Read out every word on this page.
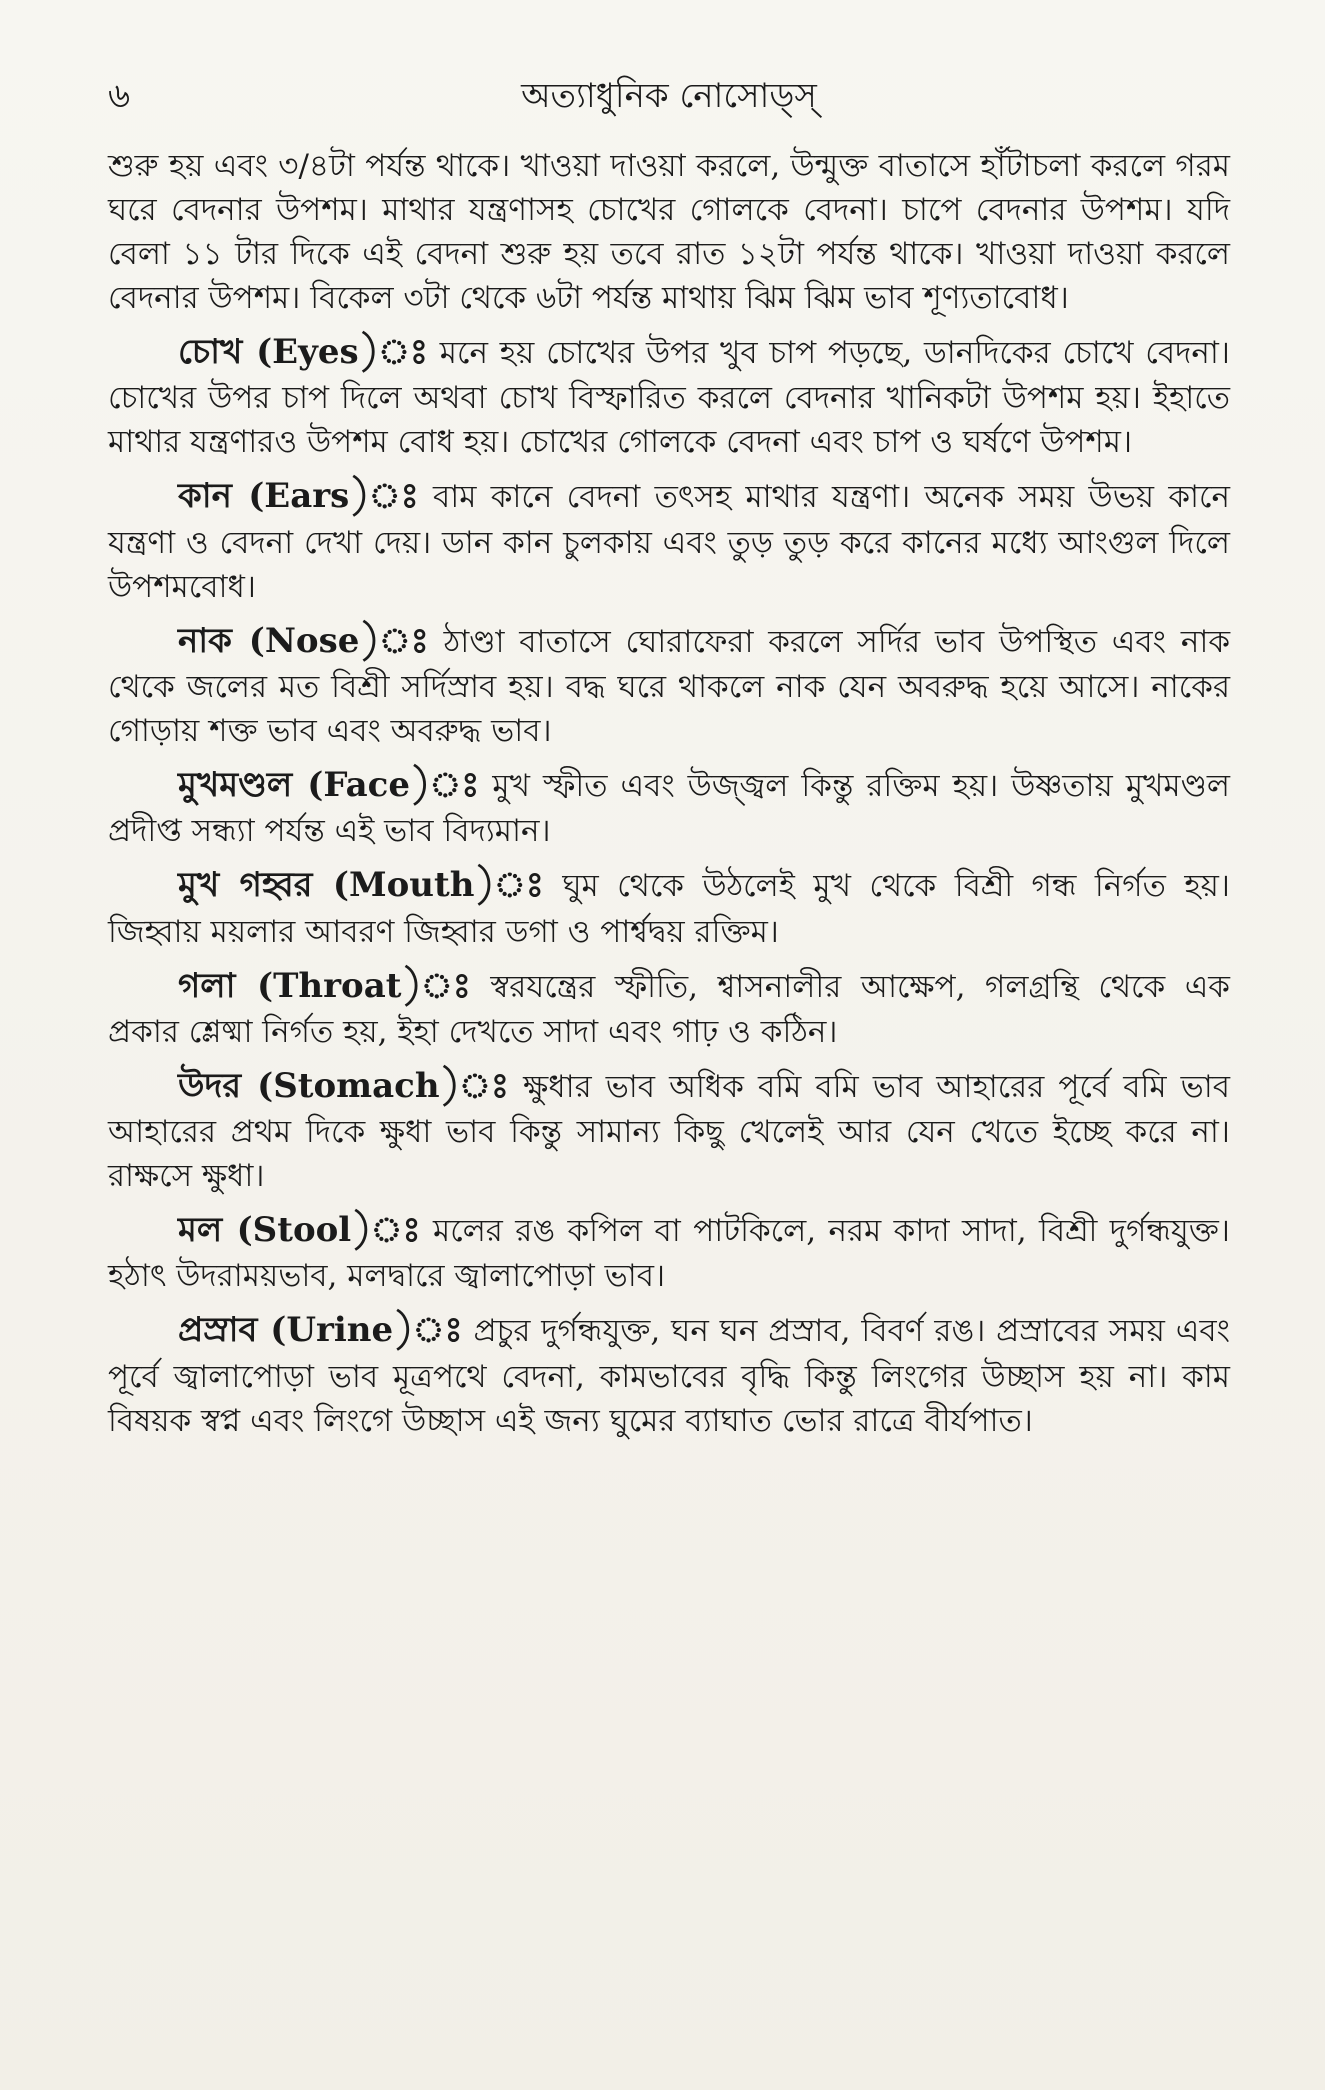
৬	অত্যাধুনিক নোসোড্স্

শুরু হয় এবং ৩/৪টা পর্যন্ত থাকে। খাওয়া দাওয়া করলে, উন্মুক্ত বাতাসে হাঁটাচলা করলে গরম ঘরে বেদনার উপশম। মাথার যন্ত্রণাসহ চোখের গোলকে বেদনা। চাপে বেদনার উপশম। যদি বেলা ১১ টার দিকে এই বেদনা শুরু হয় তবে রাত ১২টা পর্যন্ত থাকে। খাওয়া দাওয়া করলে বেদনার উপশম। বিকেল ৩টা থেকে ৬টা পর্যন্ত মাথায় ঝিম ঝিম ভাব শূণ্যতাবোধ।

চোখ (Eyes)ঃ মনে হয় চোখের উপর খুব চাপ পড়ছে, ডানদিকের চোখে বেদনা। চোখের উপর চাপ দিলে অথবা চোখ বিস্ফারিত করলে বেদনার খানিকটা উপশম হয়। ইহাতে মাথার যন্ত্রণারও উপশম বোধ হয়। চোখের গোলকে বেদনা এবং চাপ ও ঘর্ষণে উপশম।

কান (Ears)ঃ বাম কানে বেদনা তৎসহ মাথার যন্ত্রণা। অনেক সময় উভয় কানে যন্ত্রণা ও বেদনা দেখা দেয়। ডান কান চুলকায় এবং তুড় তুড় করে কানের মধ্যে আংগুল দিলে উপশমবোধ।

নাক (Nose)ঃ ঠাণ্ডা বাতাসে ঘোরাফেরা করলে সর্দির ভাব উপস্থিত এবং নাক থেকে জলের মত বিশ্রী সর্দিস্রাব হয়। বদ্ধ ঘরে থাকলে নাক যেন অবরুদ্ধ হয়ে আসে। নাকের গোড়ায় শক্ত ভাব এবং অবরুদ্ধ ভাব।

মুখমণ্ডল (Face)ঃ মুখ স্ফীত এবং উজ্জ্বল কিন্তু রক্তিম হয়। উষ্ণতায় মুখমণ্ডল প্রদীপ্ত সন্ধ্যা পর্যন্ত এই ভাব বিদ্যমান।

মুখ গহ্বর (Mouth)ঃ ঘুম থেকে উঠলেই মুখ থেকে বিশ্রী গন্ধ নির্গত হয়। জিহ্বায় ময়লার আবরণ জিহ্বার ডগা ও পার্শ্বদ্বয় রক্তিম।

গলা (Throat)ঃ স্বরযন্ত্রের স্ফীতি, শ্বাসনালীর আক্ষেপ, গলগ্রন্থি থেকে এক প্রকার শ্লেষ্মা নির্গত হয়, ইহা দেখতে সাদা এবং গাঢ় ও কঠিন।

উদর (Stomach)ঃ ক্ষুধার ভাব অধিক বমি বমি ভাব আহারের পূর্বে বমি ভাব আহারের প্রথম দিকে ক্ষুধা ভাব কিন্তু সামান্য কিছু খেলেই আর যেন খেতে ইচ্ছে করে না। রাক্ষসে ক্ষুধা।

মল (Stool)ঃ মলের রঙ কপিল বা পাটকিলে, নরম কাদা সাদা, বিশ্রী দুর্গন্ধযুক্ত। হঠাৎ উদরাময়ভাব, মলদ্বারে জ্বালাপোড়া ভাব।

প্রস্রাব (Urine)ঃ প্রচুর দুর্গন্ধযুক্ত, ঘন ঘন প্রস্রাব, বিবর্ণ রঙ। প্রস্রাবের সময় এবং পূর্বে জ্বালাপোড়া ভাব মূত্রপথে বেদনা, কামভাবের বৃদ্ধি কিন্তু লিংগের উচ্ছাস হয় না। কাম বিষয়ক স্বপ্ন এবং লিংগে উচ্ছাস এই জন্য ঘুমের ব্যাঘাত ভোর রাত্রে বীর্যপাত।
